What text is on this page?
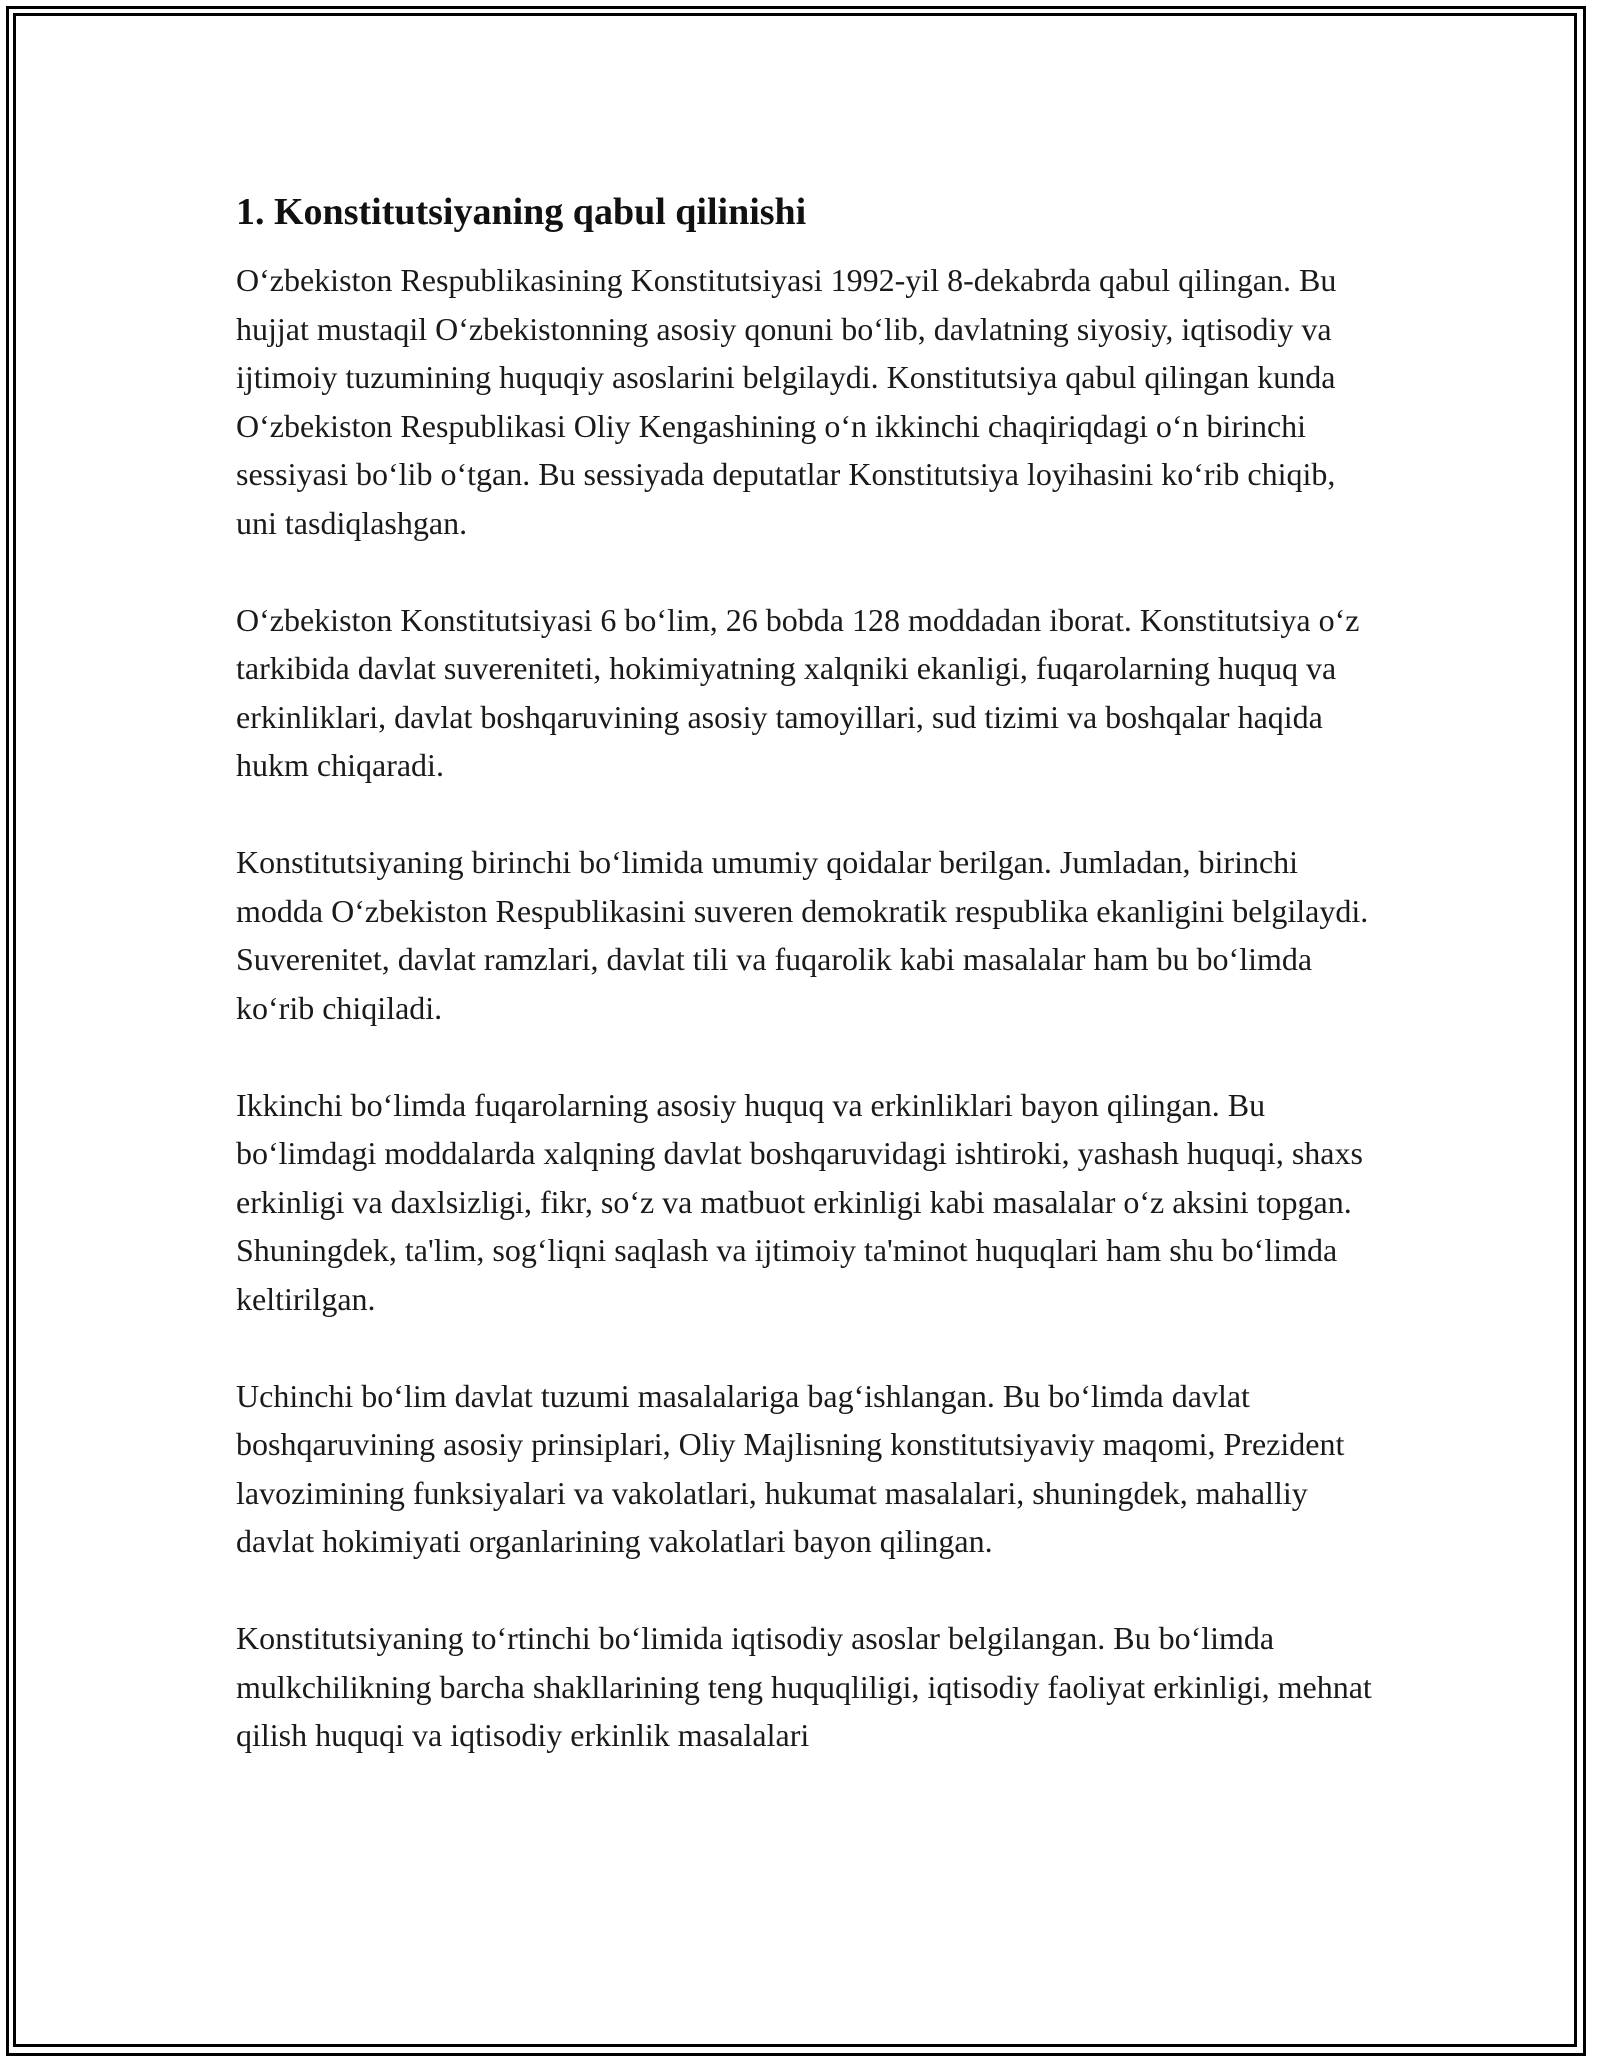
1. Konstitutsiyaning qabul qilinishi

O‘zbekiston Respublikasining Konstitutsiyasi 1992-yil 8-dekabrda qabul qilingan. Bu hujjat mustaqil O‘zbekistonning asosiy qonuni bo‘lib, davlatning siyosiy, iqtisodiy va ijtimoiy tuzumining huquqiy asoslarini belgilaydi. Konstitutsiya qabul qilingan kunda O‘zbekiston Respublikasi Oliy Kengashining o‘n ikkinchi chaqiriqdagi o‘n birinchi sessiyasi bo‘lib o‘tgan. Bu sessiyada deputatlar Konstitutsiya loyihasini ko‘rib chiqib, uni tasdiqlashgan.

O‘zbekiston Konstitutsiyasi 6 bo‘lim, 26 bobda 128 moddadan iborat. Konstitutsiya o‘z tarkibida davlat suvereniteti, hokimiyatning xalqniki ekanligi, fuqarolarning huquq va erkinliklari, davlat boshqaruvining asosiy tamoyillari, sud tizimi va boshqalar haqida hukm chiqaradi.

Konstitutsiyaning birinchi bo‘limida umumiy qoidalar berilgan. Jumladan, birinchi modda O‘zbekiston Respublikasini suveren demokratik respublika ekanligini belgilaydi. Suverenitet, davlat ramzlari, davlat tili va fuqarolik kabi masalalar ham bu bo‘limda ko‘rib chiqiladi.

Ikkinchi bo‘limda fuqarolarning asosiy huquq va erkinliklari bayon qilingan. Bu bo‘limdagi moddalarda xalqning davlat boshqaruvidagi ishtiroki, yashash huquqi, shaxs erkinligi va daxlsizligi, fikr, so‘z va matbuot erkinligi kabi masalalar o‘z aksini topgan. Shuningdek, ta'lim, sog‘liqni saqlash va ijtimoiy ta'minot huquqlari ham shu bo‘limda keltirilgan.

Uchinchi bo‘lim davlat tuzumi masalalariga bag‘ishlangan. Bu bo‘limda davlat boshqaruvining asosiy prinsiplari, Oliy Majlisning konstitutsiyaviy maqomi, Prezident lavozimining funksiyalari va vakolatlari, hukumat masalalari, shuningdek, mahalliy davlat hokimiyati organlarining vakolatlari bayon qilingan.

Konstitutsiyaning to‘rtinchi bo‘limida iqtisodiy asoslar belgilangan. Bu bo‘limda mulkchilikning barcha shakllarining teng huquqliligi, iqtisodiy faoliyat erkinligi, mehnat qilish huquqi va iqtisodiy erkinlik masalalari
